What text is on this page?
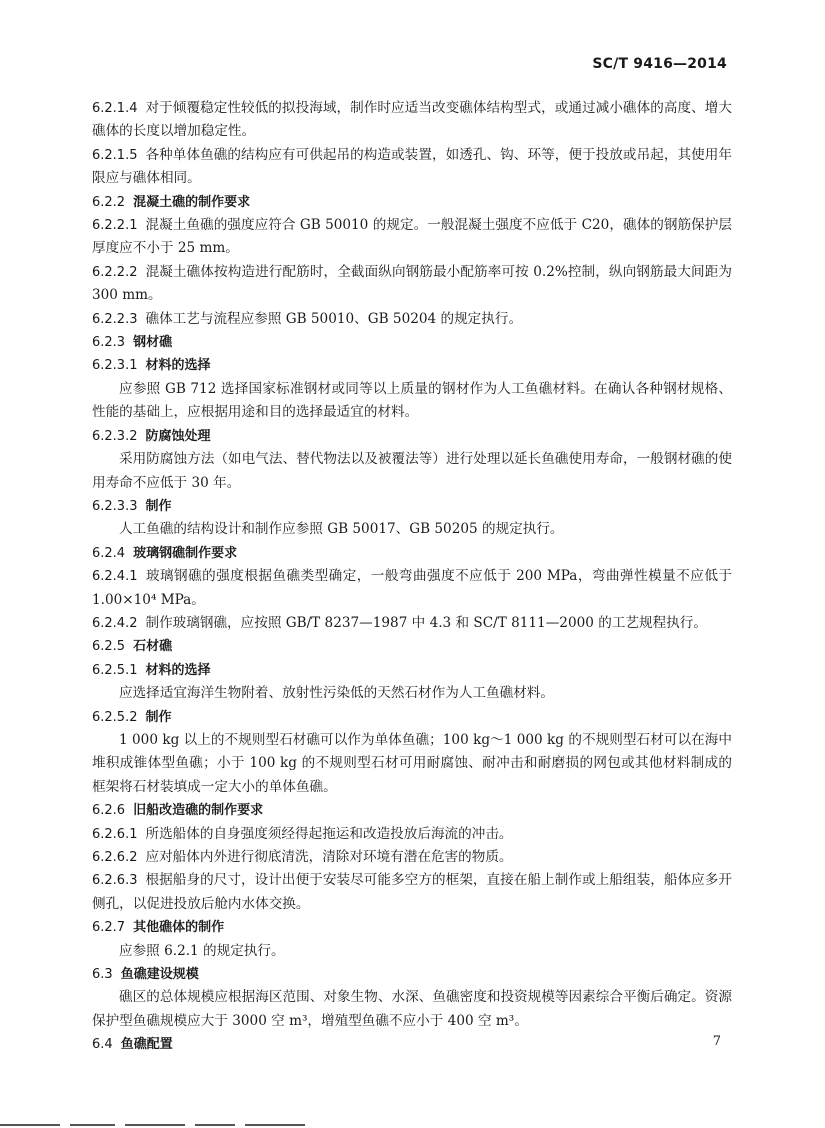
SC/T 9416—2014

6.2.1.4 对于倾覆稳定性较低的拟投海域，制作时应适当改变礁体结构型式，或通过减小礁体的高度、增大礁体的长度以增加稳定性。

6.2.1.5 各种单体鱼礁的结构应有可供起吊的构造或装置，如透孔、钩、环等，便于投放或吊起，其使用年限应与礁体相同。

6.2.2 混凝土礁的制作要求

6.2.2.1 混凝土鱼礁的强度应符合 GB 50010 的规定。一般混凝土强度不应低于 C20，礁体的钢筋保护层厚度应不小于 25 mm。

6.2.2.2 混凝土礁体按构造进行配筋时，全截面纵向钢筋最小配筋率可按 0.2%控制，纵向钢筋最大间距为 300 mm。

6.2.2.3 礁体工艺与流程应参照 GB 50010、GB 50204 的规定执行。

6.2.3 钢材礁

6.2.3.1 材料的选择

应参照 GB 712 选择国家标准钢材或同等以上质量的钢材作为人工鱼礁材料。在确认各种钢材规格、性能的基础上，应根据用途和目的选择最适宜的材料。

6.2.3.2 防腐蚀处理

采用防腐蚀方法（如电气法、替代物法以及被覆法等）进行处理以延长鱼礁使用寿命，一般钢材礁的使用寿命不应低于 30 年。

6.2.3.3 制作

人工鱼礁的结构设计和制作应参照 GB 50017、GB 50205 的规定执行。

6.2.4 玻璃钢礁制作要求

6.2.4.1 玻璃钢礁的强度根据鱼礁类型确定，一般弯曲强度不应低于 200 MPa，弯曲弹性模量不应低于 1.00×10⁴ MPa。

6.2.4.2 制作玻璃钢礁，应按照 GB/T 8237—1987 中 4.3 和 SC/T 8111—2000 的工艺规程执行。

6.2.5 石材礁

6.2.5.1 材料的选择

应选择适宜海洋生物附着、放射性污染低的天然石材作为人工鱼礁材料。

6.2.5.2 制作

1 000 kg 以上的不规则型石材礁可以作为单体鱼礁；100 kg～1 000 kg 的不规则型石材可以在海中堆积成锥体型鱼礁；小于 100 kg 的不规则型石材可用耐腐蚀、耐冲击和耐磨损的网包或其他材料制成的框架将石材装填成一定大小的单体鱼礁。

6.2.6 旧船改造礁的制作要求

6.2.6.1 所选船体的自身强度须经得起拖运和改造投放后海流的冲击。

6.2.6.2 应对船体内外进行彻底清洗，清除对环境有潜在危害的物质。

6.2.6.3 根据船身的尺寸，设计出便于安装尽可能多空方的框架，直接在船上制作或上船组装，船体应多开侧孔，以促进投放后舱内水体交换。

6.2.7 其他礁体的制作

应参照 6.2.1 的规定执行。

6.3 鱼礁建设规模

礁区的总体规模应根据海区范围、对象生物、水深、鱼礁密度和投资规模等因素综合平衡后确定。资源保护型鱼礁规模应大于 3000 空 m³，增殖型鱼礁不应小于 400 空 m³。

6.4 鱼礁配置	7
